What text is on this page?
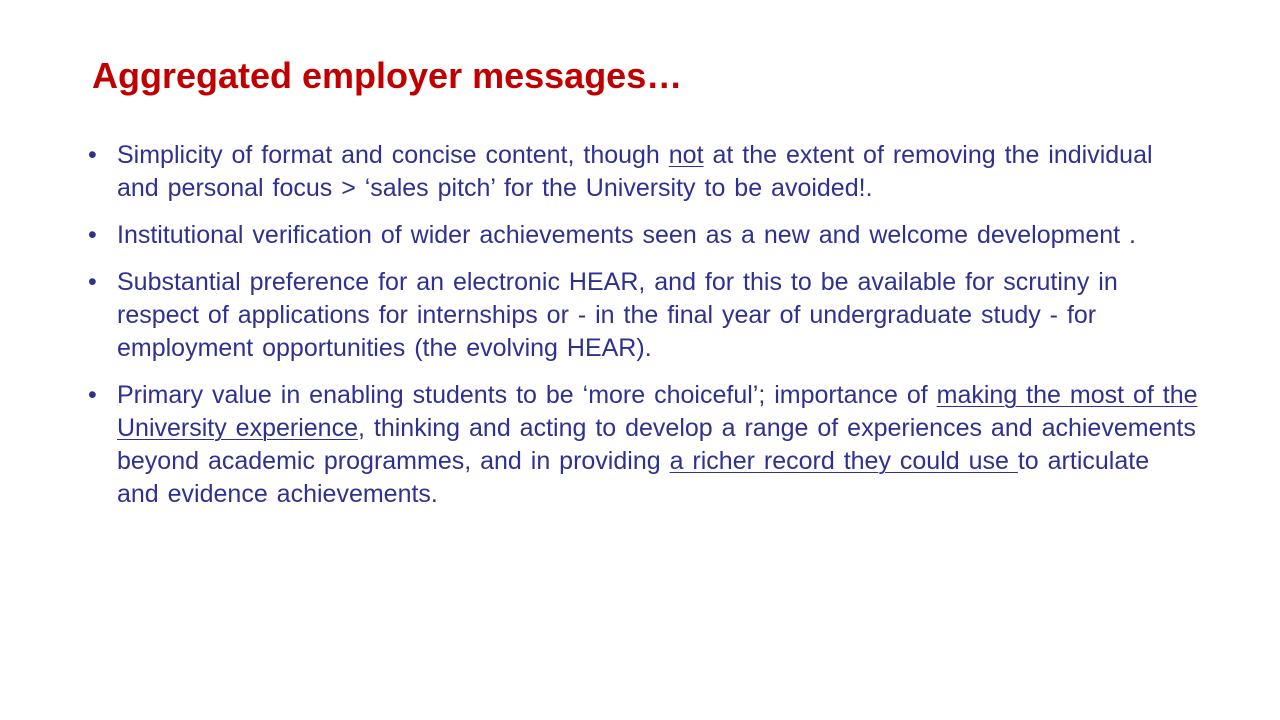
Aggregated employer messages…
• Simplicity of format and concise content, though not at the extent of removing the individual and personal focus > ‘sales pitch’ for the University to be avoided!.
• Institutional verification of wider achievements seen as a new and welcome development .
• Substantial preference for an electronic HEAR, and for this to be available for scrutiny in respect of applications for internships or - in the final year of undergraduate study - for employment opportunities (the evolving HEAR).
• Primary value in enabling students to be ‘more choiceful’; importance of making the most of the University experience, thinking and acting to develop a range of experiences and achievements beyond academic programmes, and in providing a richer record they could use to articulate and evidence achievements.
